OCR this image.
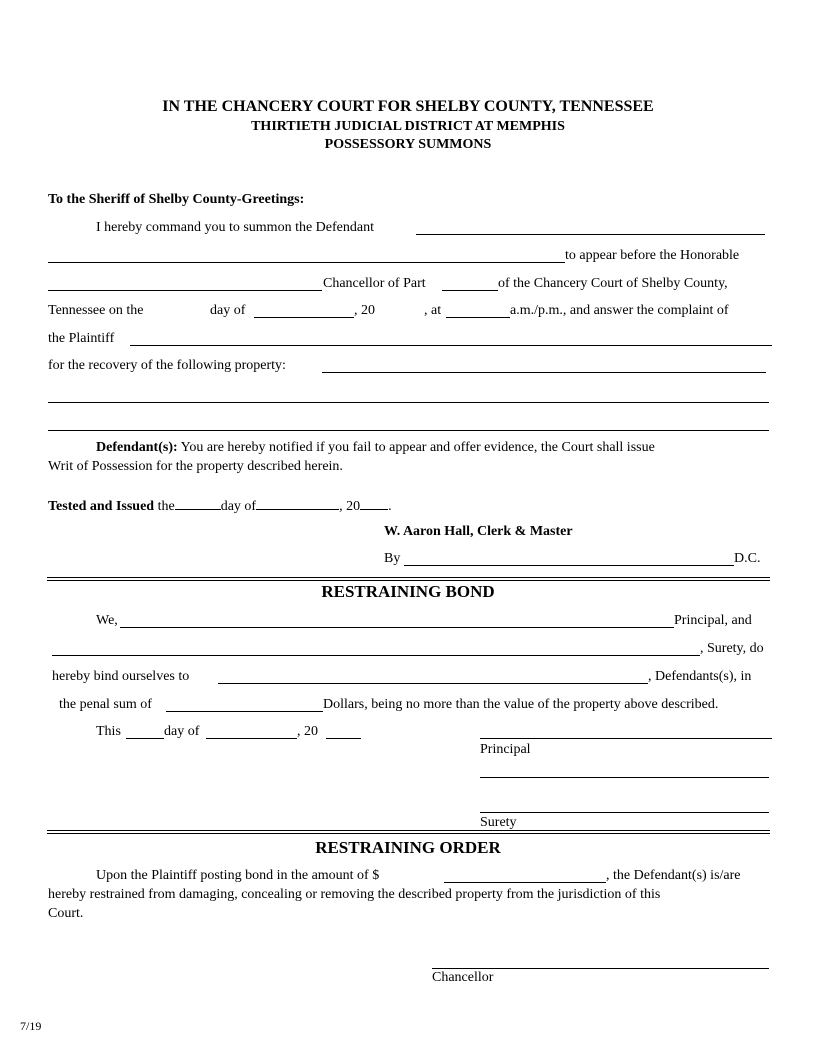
IN THE CHANCERY COURT FOR SHELBY COUNTY, TENNESSEE
THIRTIETH JUDICIAL DISTRICT AT MEMPHIS
POSSESSORY SUMMONS
To the Sheriff of Shelby County-Greetings:
I hereby command you to summon the Defendant
to appear before the Honorable
Chancellor of Part	of the Chancery Court of Shelby County,
Tennessee on the	day of	, 20	, at	a.m./p.m., and answer the complaint of
the Plaintiff
for the recovery of the following property:
Defendant(s): You are hereby notified if you fail to appear and offer evidence, the Court shall issue
Writ of Possession for the property described herein.
Tested and Issued the	day of	, 20 .
W. Aaron Hall, Clerk & Master
By	D.C.
RESTRAINING BOND
We,	Principal, and
, Surety, do
hereby bind ourselves to	, Defendants(s), in
the penal sum of	Dollars, being no more than the value of the property above described.
This	day of	, 20
Principal
Surety
RESTRAINING ORDER
Upon the Plaintiff posting bond in the amount of $	, the Defendant(s) is/are
hereby restrained from damaging, concealing or removing the described property from the jurisdiction of this
Court.
Chancellor
7/19
